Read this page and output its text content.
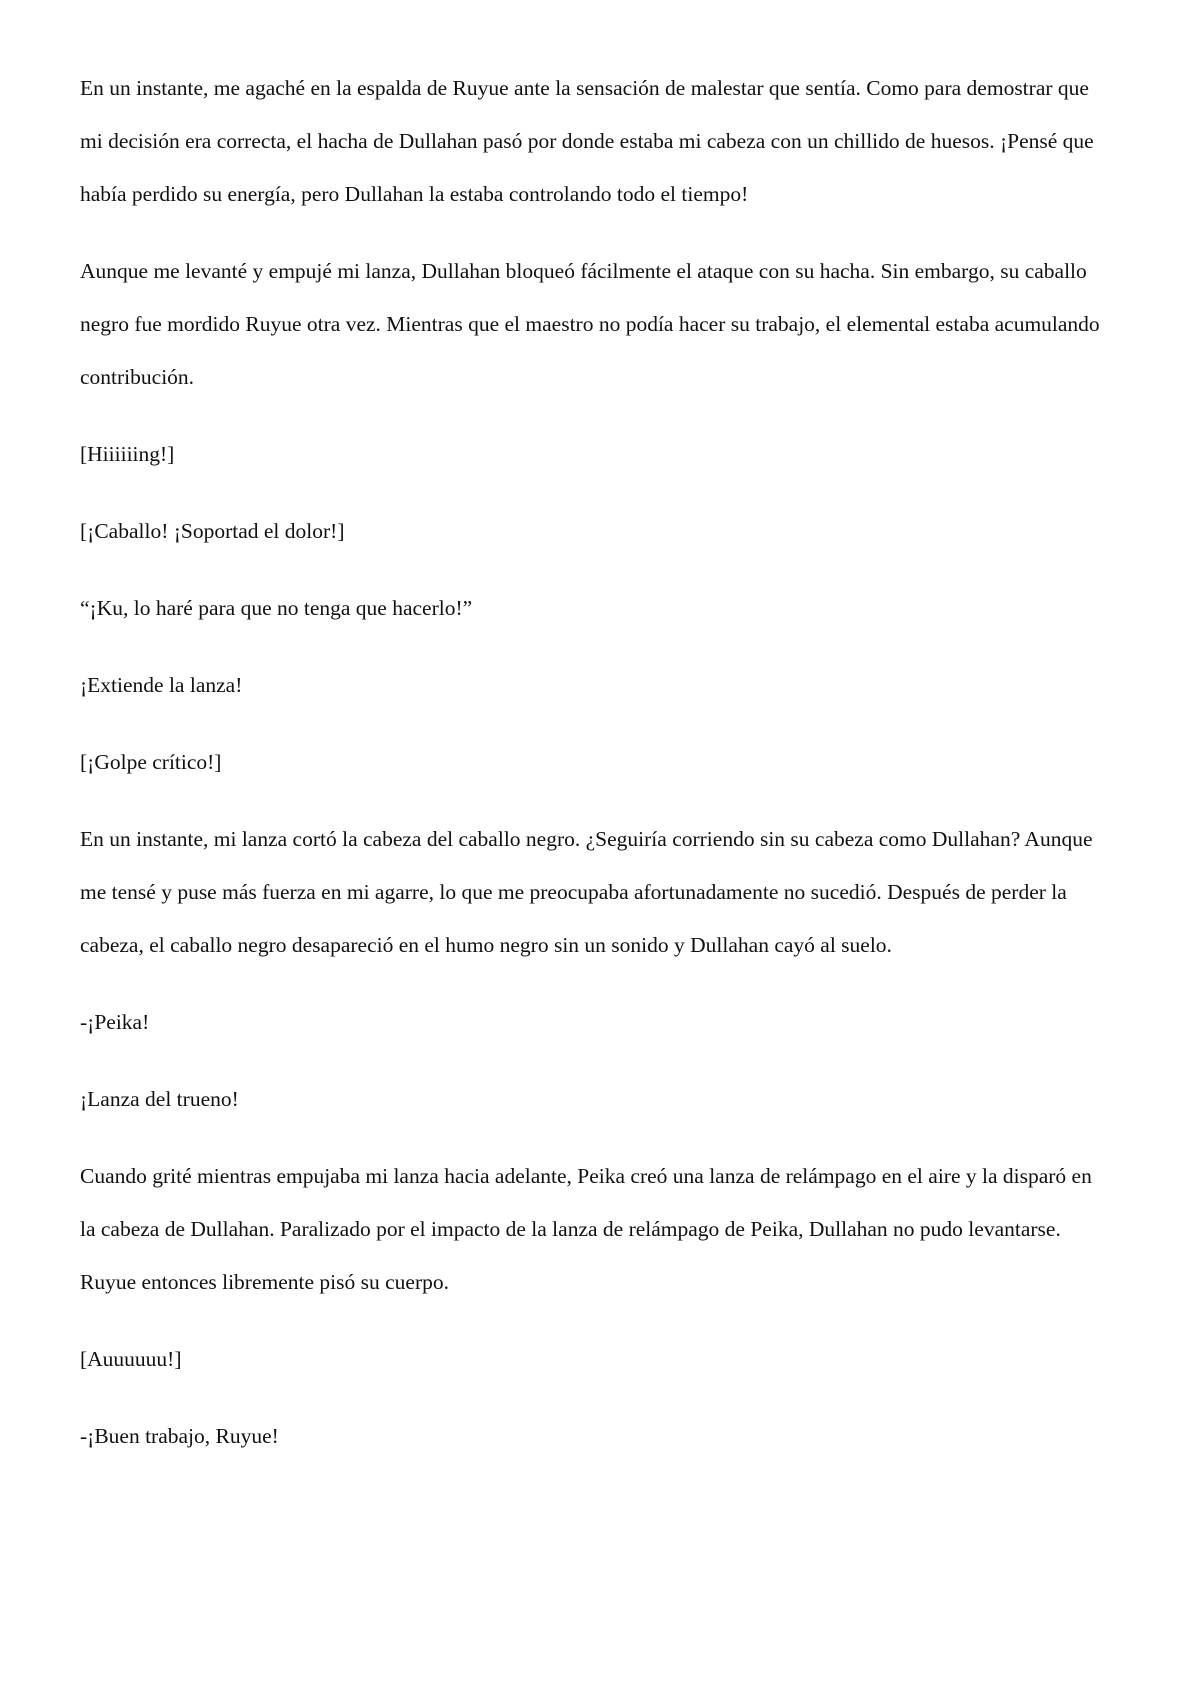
En un instante, me agaché en la espalda de Ruyue ante la sensación de malestar que sentía. Como para demostrar que mi decisión era correcta, el hacha de Dullahan pasó por donde estaba mi cabeza con un chillido de huesos. ¡Pensé que había perdido su energía, pero Dullahan la estaba controlando todo el tiempo!

Aunque me levanté y empujé mi lanza, Dullahan bloqueó fácilmente el ataque con su hacha. Sin embargo, su caballo negro fue mordido Ruyue otra vez. Mientras que el maestro no podía hacer su trabajo, el elemental estaba acumulando contribución.

[Hiiiiiing!]

[¡Caballo! ¡Soportad el dolor!]

“¡Ku, lo haré para que no tenga que hacerlo!”

¡Extiende la lanza!

[¡Golpe crítico!]

En un instante, mi lanza cortó la cabeza del caballo negro. ¿Seguiría corriendo sin su cabeza como Dullahan? Aunque me tensé y puse más fuerza en mi agarre, lo que me preocupaba afortunadamente no sucedió. Después de perder la cabeza, el caballo negro desapareció en el humo negro sin un sonido y Dullahan cayó al suelo.

-¡Peika!

¡Lanza del trueno!

Cuando grité mientras empujaba mi lanza hacia adelante, Peika creó una lanza de relámpago en el aire y la disparó en la cabeza de Dullahan. Paralizado por el impacto de la lanza de relámpago de Peika, Dullahan no pudo levantarse. Ruyue entonces libremente pisó su cuerpo.

[Auuuuuu!]

-¡Buen trabajo, Ruyue!
